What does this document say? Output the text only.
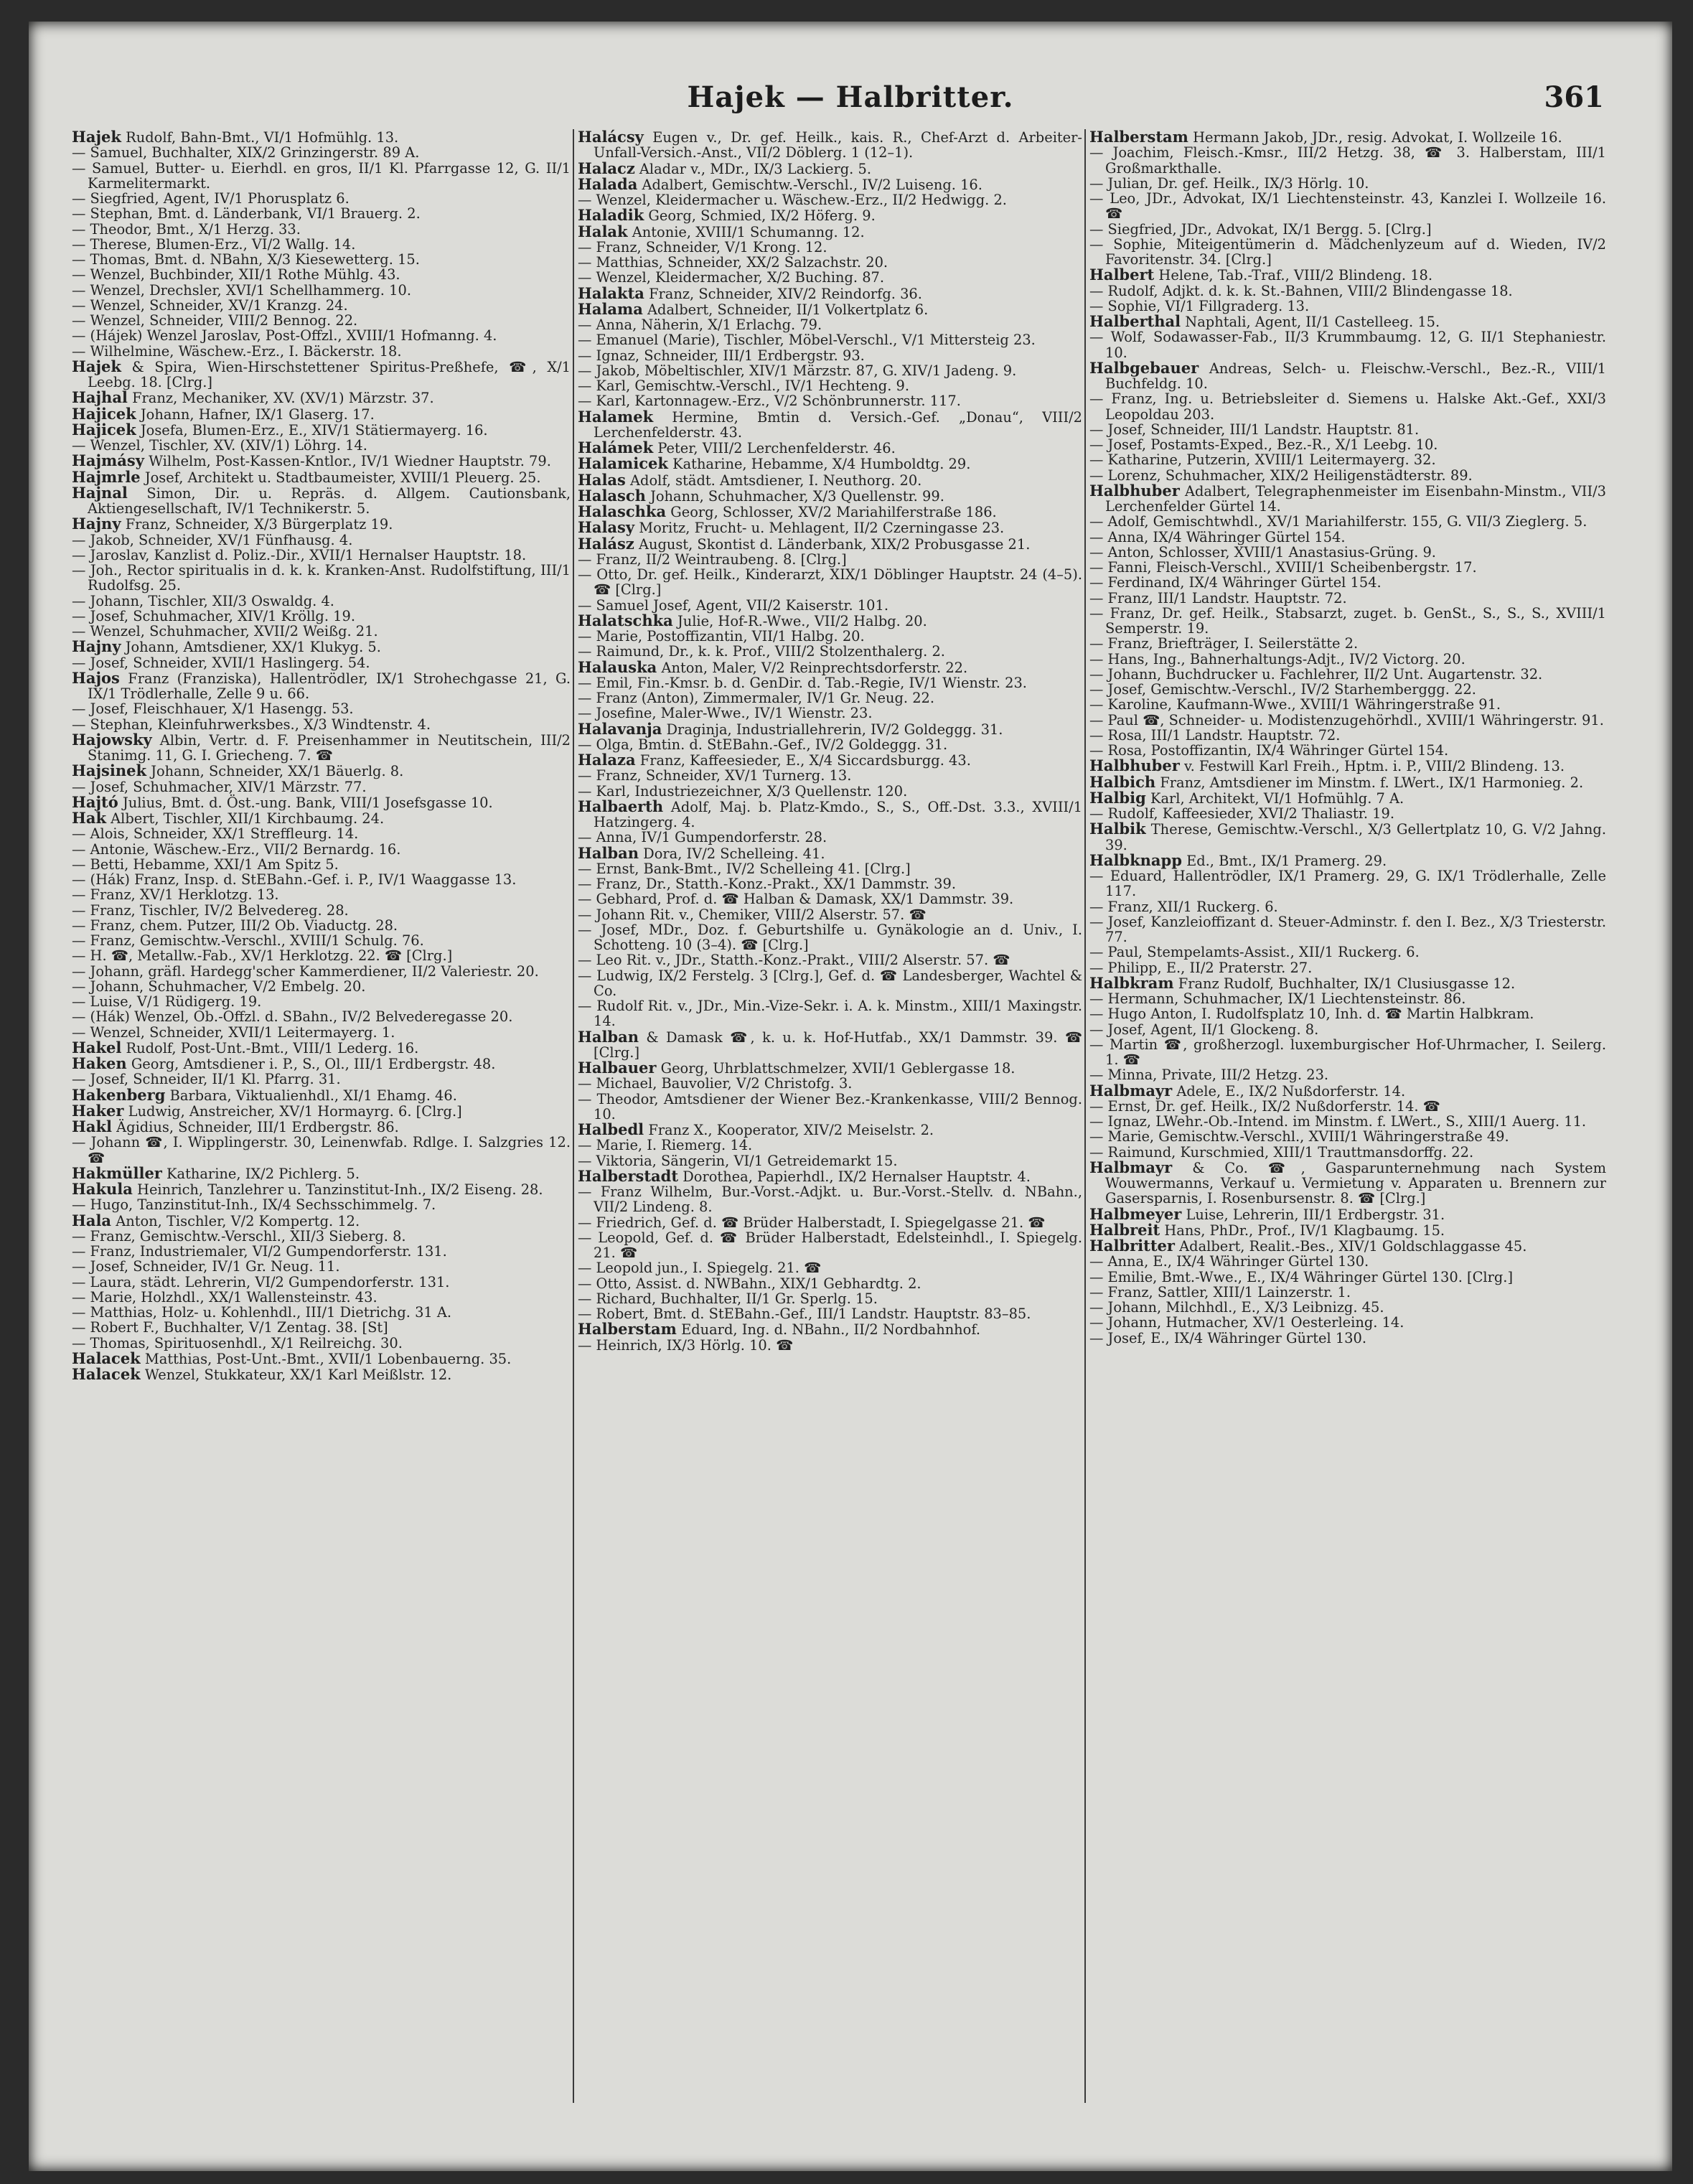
Hajek — Halbritter.	361

Hajek Rudolf, Bahn-Bmt., VI/1 Hofmühlg. 13.

— Samuel, Buchhalter, XIX/2 Grinzingerstr. 89 A.

— Samuel, Butter- u. Eierhdl. en gros, II/1 Kl. Pfarrgasse 12, G. II/1 Karmelitermarkt.

— Siegfried, Agent, IV/1 Phorusplatz 6.

— Stephan, Bmt. d. Länderbank, VI/1 Brauerg. 2.

— Theodor, Bmt., X/1 Herzg. 33.

— Therese, Blumen-Erz., VI/2 Wallg. 14.

— Thomas, Bmt. d. NBahn, X/3 Kiesewetterg. 15.

— Wenzel, Buchbinder, XII/1 Rothe Mühlg. 43.

— Wenzel, Drechsler, XVI/1 Schellhammerg. 10.

— Wenzel, Schneider, XV/1 Kranzg. 24.

— Wenzel, Schneider, VIII/2 Bennog. 22.

— (Hájek) Wenzel Jaroslav, Post-Offzl., XVIII/1 Hofmanng. 4.

— Wilhelmine, Wäschew.-Erz., I. Bäckerstr. 18.

Hajek & Spira, Wien-Hirschstettener Spiritus-Preßhefe, ☎, X/1 Leebg. 18. [Clrg.]

Hajhal Franz, Mechaniker, XV. (XV/1) Märzstr. 37.

Hajicek Johann, Hafner, IX/1 Glaserg. 17.

Hajicek Josefa, Blumen-Erz., E., XIV/1 Stätiermayerg. 16.

— Wenzel, Tischler, XV. (XIV/1) Löhrg. 14.

Hajmásy Wilhelm, Post-Kassen-Kntlor., IV/1 Wiedner Hauptstr. 79.

Hajmrle Josef, Architekt u. Stadtbaumeister, XVIII/1 Pleuerg. 25.

Hajnal Simon, Dir. u. Repräs. d. Allgem. Cautionsbank, Aktiengesellschaft, IV/1 Technikerstr. 5.

Hajny Franz, Schneider, X/3 Bürgerplatz 19.

— Jakob, Schneider, XV/1 Fünfhausg. 4.

— Jaroslav, Kanzlist d. Poliz.-Dir., XVII/1 Hernalser Hauptstr. 18.

— Joh., Rector spiritualis in d. k. k. Kranken-Anst. Rudolfstiftung, III/1 Rudolfsg. 25.

— Johann, Tischler, XII/3 Oswaldg. 4.

— Josef, Schuhmacher, XIV/1 Kröllg. 19.

— Wenzel, Schuhmacher, XVII/2 Weißg. 21.

Hajny Johann, Amtsdiener, XX/1 Klukyg. 5.

— Josef, Schneider, XVII/1 Haslingerg. 54.

Hajos Franz (Franziska), Hallentrödler, IX/1 Strohechgasse 21, G. IX/1 Trödlerhalle, Zelle 9 u. 66.

— Josef, Fleischhauer, X/1 Hasengg. 53.

— Stephan, Kleinfuhrwerksbes., X/3 Windtenstr. 4.

Hajowsky Albin, Vertr. d. F. Preisenhammer in Neutitschein, III/2 Stanimg. 11, G. I. Griecheng. 7. ☎

Hajsinek Johann, Schneider, XX/1 Bäuerlg. 8.

— Josef, Schuhmacher, XIV/1 Märzstr. 77.

Hajtó Julius, Bmt. d. Öst.-ung. Bank, VIII/1 Josefsgasse 10.

Hak Albert, Tischler, XII/1 Kirchbaumg. 24.

— Alois, Schneider, XX/1 Streffleurg. 14.

— Antonie, Wäschew.-Erz., VII/2 Bernardg. 16.

— Betti, Hebamme, XXI/1 Am Spitz 5.

— (Hák) Franz, Insp. d. StEBahn.-Gef. i. P., IV/1 Waaggasse 13.

— Franz, XV/1 Herklotzg. 13.

— Franz, Tischler, IV/2 Belvedereg. 28.

— Franz, chem. Putzer, III/2 Ob. Viaductg. 28.

— Franz, Gemischtw.-Verschl., XVIII/1 Schulg. 76.

— H. ☎, Metallw.-Fab., XV/1 Herklotzg. 22. ☎ [Clrg.]

— Johann, gräfl. Hardegg'scher Kammerdiener, II/2 Valeriestr. 20.

— Johann, Schuhmacher, V/2 Embelg. 20.

— Luise, V/1 Rüdigerg. 19.

— (Hák) Wenzel, Ob.-Offzl. d. SBahn., IV/2 Belvederegasse 20.

— Wenzel, Schneider, XVII/1 Leitermayerg. 1.

Hakel Rudolf, Post-Unt.-Bmt., VIII/1 Lederg. 16.

Haken Georg, Amtsdiener i. P., S., Ol., III/1 Erdbergstr. 48.

— Josef, Schneider, II/1 Kl. Pfarrg. 31.

Hakenberg Barbara, Viktualienhdl., XI/1 Ehamg. 46.

Haker Ludwig, Anstreicher, XV/1 Hormayrg. 6. [Clrg.]

Hakl Ägidius, Schneider, III/1 Erdbergstr. 86.

— Johann ☎, I. Wipplingerstr. 30, Leinenwfab. Rdlge. I. Salzgries 12. ☎

Hakmüller Katharine, IX/2 Pichlerg. 5.

Hakula Heinrich, Tanzlehrer u. Tanzinstitut-Inh., IX/2 Eiseng. 28.

— Hugo, Tanzinstitut-Inh., IX/4 Sechsschimmelg. 7.

Hala Anton, Tischler, V/2 Kompertg. 12.

— Franz, Gemischtw.-Verschl., XII/3 Sieberg. 8.

— Franz, Industriemaler, VI/2 Gumpendorferstr. 131.

— Josef, Schneider, IV/1 Gr. Neug. 11.

— Laura, städt. Lehrerin, VI/2 Gumpendorferstr. 131.

— Marie, Holzhdl., XX/1 Wallensteinstr. 43.

— Matthias, Holz- u. Kohlenhdl., III/1 Dietrichg. 31 A.

— Robert F., Buchhalter, V/1 Zentag. 38. [St]

— Thomas, Spirituosenhdl., X/1 Reilreichg. 30.

Halacek Matthias, Post-Unt.-Bmt., XVII/1 Lobenbauerng. 35.

Halacek Wenzel, Stukkateur, XX/1 Karl Meißlstr. 12.

Halácsy Eugen v., Dr. gef. Heilk., kais. R., Chef-Arzt d. Arbeiter-Unfall-Versich.-Anst., VII/2 Döblerg. 1 (12–1).

Halacz Aladar v., MDr., IX/3 Lackierg. 5.

Halada Adalbert, Gemischtw.-Verschl., IV/2 Luiseng. 16.

— Wenzel, Kleidermacher u. Wäschew.-Erz., II/2 Hedwigg. 2.

Haladik Georg, Schmied, IX/2 Höferg. 9.

Halak Antonie, XVIII/1 Schumanng. 12.

— Franz, Schneider, V/1 Krong. 12.

— Matthias, Schneider, XX/2 Salzachstr. 20.

— Wenzel, Kleidermacher, X/2 Buching. 87.

Halakta Franz, Schneider, XIV/2 Reindorfg. 36.

Halama Adalbert, Schneider, II/1 Volkertplatz 6.

— Anna, Näherin, X/1 Erlachg. 79.

— Emanuel (Marie), Tischler, Möbel-Verschl., V/1 Mittersteig 23.

— Ignaz, Schneider, III/1 Erdbergstr. 93.

— Jakob, Möbeltischler, XIV/1 Märzstr. 87, G. XIV/1 Jadeng. 9.

— Karl, Gemischtw.-Verschl., IV/1 Hechteng. 9.

— Karl, Kartonnagew.-Erz., V/2 Schönbrunnerstr. 117.

Halamek Hermine, Bmtin d. Versich.-Gef. „Donau“, VIII/2 Lerchenfelderstr. 43.

Halámek Peter, VIII/2 Lerchenfelderstr. 46.

Halamicek Katharine, Hebamme, X/4 Humboldtg. 29.

Halas Adolf, städt. Amtsdiener, I. Neuthorg. 20.

Halasch Johann, Schuhmacher, X/3 Quellenstr. 99.

Halaschka Georg, Schlosser, XV/2 Mariahilferstraße 186.

Halasy Moritz, Frucht- u. Mehlagent, II/2 Czerningasse 23.

Halász August, Skontist d. Länderbank, XIX/2 Probusgasse 21.

— Franz, II/2 Weintraubeng. 8. [Clrg.]

— Otto, Dr. gef. Heilk., Kinderarzt, XIX/1 Döblinger Hauptstr. 24 (4–5). ☎ [Clrg.]

— Samuel Josef, Agent, VII/2 Kaiserstr. 101.

Halatschka Julie, Hof-R.-Wwe., VII/2 Halbg. 20.

— Marie, Postoffizantin, VII/1 Halbg. 20.

— Raimund, Dr., k. k. Prof., VIII/2 Stolzenthalerg. 2.

Halauska Anton, Maler, V/2 Reinprechtsdorferstr. 22.

— Emil, Fin.-Kmsr. b. d. GenDir. d. Tab.-Regie, IV/1 Wienstr. 23.

— Franz (Anton), Zimmermaler, IV/1 Gr. Neug. 22.

— Josefine, Maler-Wwe., IV/1 Wienstr. 23.

Halavanja Draginja, Industriallehrerin, IV/2 Goldeggg. 31.

— Olga, Bmtin. d. StEBahn.-Gef., IV/2 Goldeggg. 31.

Halaza Franz, Kaffeesieder, E., X/4 Siccardsburgg. 43.

— Franz, Schneider, XV/1 Turnerg. 13.

— Karl, Industriezeichner, X/3 Quellenstr. 120.

Halbaerth Adolf, Maj. b. Platz-Kmdo., S., S., Off.-Dst. 3.3., XVIII/1 Hatzingerg. 4.

— Anna, IV/1 Gumpendorferstr. 28.

Halban Dora, IV/2 Schelleing. 41.

— Ernst, Bank-Bmt., IV/2 Schelleing 41. [Clrg.]

— Franz, Dr., Statth.-Konz.-Prakt., XX/1 Dammstr. 39.

— Gebhard, Prof. d. ☎ Halban & Damask, XX/1 Dammstr. 39.

— Johann Rit. v., Chemiker, VIII/2 Alserstr. 57. ☎

— Josef, MDr., Doz. f. Geburtshilfe u. Gynäkologie an d. Univ., I. Schotteng. 10 (3–4). ☎ [Clrg.]

— Leo Rit. v., JDr., Statth.-Konz.-Prakt., VIII/2 Alserstr. 57. ☎

— Ludwig, IX/2 Ferstelg. 3 [Clrg.], Gef. d. ☎ Landesberger, Wachtel & Co.

— Rudolf Rit. v., JDr., Min.-Vize-Sekr. i. A. k. Minstm., XIII/1 Maxingstr. 14.

Halban & Damask ☎, k. u. k. Hof-Hutfab., XX/1 Dammstr. 39. ☎ [Clrg.]

Halbauer Georg, Uhrblattschmelzer, XVII/1 Geblergasse 18.

— Michael, Bauvolier, V/2 Christofg. 3.

— Theodor, Amtsdiener der Wiener Bez.-Krankenkasse, VIII/2 Bennog. 10.

Halbedl Franz X., Kooperator, XIV/2 Meiselstr. 2.

— Marie, I. Riemerg. 14.

— Viktoria, Sängerin, VI/1 Getreidemarkt 15.

Halberstadt Dorothea, Papierhdl., IX/2 Hernalser Hauptstr. 4.

— Franz Wilhelm, Bur.-Vorst.-Adjkt. u. Bur.-Vorst.-Stellv. d. NBahn., VII/2 Lindeng. 8.

— Friedrich, Gef. d. ☎ Brüder Halberstadt, I. Spiegelgasse 21. ☎

— Leopold, Gef. d. ☎ Brüder Halberstadt, Edelsteinhdl., I. Spiegelg. 21. ☎

— Leopold jun., I. Spiegelg. 21. ☎

— Otto, Assist. d. NWBahn., XIX/1 Gebhardtg. 2.

— Richard, Buchhalter, II/1 Gr. Sperlg. 15.

— Robert, Bmt. d. StEBahn.-Gef., III/1 Landstr. Hauptstr. 83–85.

Halberstam Eduard, Ing. d. NBahn., II/2 Nordbahnhof.

— Heinrich, IX/3 Hörlg. 10. ☎

Halberstam Hermann Jakob, JDr., resig. Advokat, I. Wollzeile 16.

— Joachim, Fleisch.-Kmsr., III/2 Hetzg. 38, ☎ 3. Halberstam, III/1 Großmarkthalle.

— Julian, Dr. gef. Heilk., IX/3 Hörlg. 10.

— Leo, JDr., Advokat, IX/1 Liechtensteinstr. 43, Kanzlei I. Wollzeile 16. ☎

— Siegfried, JDr., Advokat, IX/1 Bergg. 5. [Clrg.]

— Sophie, Miteigentümerin d. Mädchenlyzeum auf d. Wieden, IV/2 Favoritenstr. 34. [Clrg.]

Halbert Helene, Tab.-Traf., VIII/2 Blindeng. 18.

— Rudolf, Adjkt. d. k. k. St.-Bahnen, VIII/2 Blindengasse 18.

— Sophie, VI/1 Fillgraderg. 13.

Halberthal Naphtali, Agent, II/1 Castelleeg. 15.

— Wolf, Sodawasser-Fab., II/3 Krummbaumg. 12, G. II/1 Stephaniestr. 10.

Halbgebauer Andreas, Selch- u. Fleischw.-Verschl., Bez.-R., VIII/1 Buchfeldg. 10.

— Franz, Ing. u. Betriebsleiter d. Siemens u. Halske Akt.-Gef., XXI/3 Leopoldau 203.

— Josef, Schneider, III/1 Landstr. Hauptstr. 81.

— Josef, Postamts-Exped., Bez.-R., X/1 Leebg. 10.

— Katharine, Putzerin, XVIII/1 Leitermayerg. 32.

— Lorenz, Schuhmacher, XIX/2 Heiligenstädterstr. 89.

Halbhuber Adalbert, Telegraphenmeister im Eisenbahn-Minstm., VII/3 Lerchenfelder Gürtel 14.

— Adolf, Gemischtwhdl., XV/1 Mariahilferstr. 155, G. VII/3 Zieglerg. 5.

— Anna, IX/4 Währinger Gürtel 154.

— Anton, Schlosser, XVIII/1 Anastasius-Grüng. 9.

— Fanni, Fleisch-Verschl., XVIII/1 Scheibenbergstr. 17.

— Ferdinand, IX/4 Währinger Gürtel 154.

— Franz, III/1 Landstr. Hauptstr. 72.

— Franz, Dr. gef. Heilk., Stabsarzt, zuget. b. GenSt., S., S., S., XVIII/1 Semperstr. 19.

— Franz, Briefträger, I. Seilerstätte 2.

— Hans, Ing., Bahnerhaltungs-Adjt., IV/2 Victorg. 20.

— Johann, Buchdrucker u. Fachlehrer, II/2 Unt. Augartenstr. 32.

— Josef, Gemischtw.-Verschl., IV/2 Starhemberggg. 22.

— Karoline, Kaufmann-Wwe., XVIII/1 Währingerstraße 91.

— Paul ☎, Schneider- u. Modistenzugehörhdl., XVIII/1 Währingerstr. 91.

— Rosa, III/1 Landstr. Hauptstr. 72.

— Rosa, Postoffizantin, IX/4 Währinger Gürtel 154.

Halbhuber v. Festwill Karl Freih., Hptm. i. P., VIII/2 Blindeng. 13.

Halbich Franz, Amtsdiener im Minstm. f. LWert., IX/1 Harmonieg. 2.

Halbig Karl, Architekt, VI/1 Hofmühlg. 7 A.

— Rudolf, Kaffeesieder, XVI/2 Thaliastr. 19.

Halbik Therese, Gemischtw.-Verschl., X/3 Gellertplatz 10, G. V/2 Jahng. 39.

Halbknapp Ed., Bmt., IX/1 Pramerg. 29.

— Eduard, Hallentrödler, IX/1 Pramerg. 29, G. IX/1 Trödlerhalle, Zelle 117.

— Franz, XII/1 Ruckerg. 6.

— Josef, Kanzleioffizant d. Steuer-Adminstr. f. den I. Bez., X/3 Triesterstr. 77.

— Paul, Stempelamts-Assist., XII/1 Ruckerg. 6.

— Philipp, E., II/2 Praterstr. 27.

Halbkram Franz Rudolf, Buchhalter, IX/1 Clusiusgasse 12.

— Hermann, Schuhmacher, IX/1 Liechtensteinstr. 86.

— Hugo Anton, I. Rudolfsplatz 10, Inh. d. ☎ Martin Halbkram.

— Josef, Agent, II/1 Glockeng. 8.

— Martin ☎, großherzogl. luxemburgischer Hof-Uhrmacher, I. Seilerg. 1. ☎

— Minna, Private, III/2 Hetzg. 23.

Halbmayr Adele, E., IX/2 Nußdorferstr. 14.

— Ernst, Dr. gef. Heilk., IX/2 Nußdorferstr. 14. ☎

— Ignaz, LWehr.-Ob.-Intend. im Minstm. f. LWert., S., XIII/1 Auerg. 11.

— Marie, Gemischtw.-Verschl., XVIII/1 Währingerstraße 49.

— Raimund, Kurschmied, XIII/1 Trauttmansdorffg. 22.

Halbmayr & Co. ☎, Gasparunternehmung nach System Wouwermanns, Verkauf u. Vermietung v. Apparaten u. Brennern zur Gasersparnis, I. Rosenbursenstr. 8. ☎ [Clrg.]

Halbmeyer Luise, Lehrerin, III/1 Erdbergstr. 31.

Halbreit Hans, PhDr., Prof., IV/1 Klagbaumg. 15.

Halbritter Adalbert, Realit.-Bes., XIV/1 Goldschlaggasse 45.

— Anna, E., IX/4 Währinger Gürtel 130.

— Emilie, Bmt.-Wwe., E., IX/4 Währinger Gürtel 130. [Clrg.]

— Franz, Sattler, XIII/1 Lainzerstr. 1.

— Johann, Milchhdl., E., X/3 Leibnizg. 45.

— Johann, Hutmacher, XV/1 Oesterleing. 14.

— Josef, E., IX/4 Währinger Gürtel 130.
